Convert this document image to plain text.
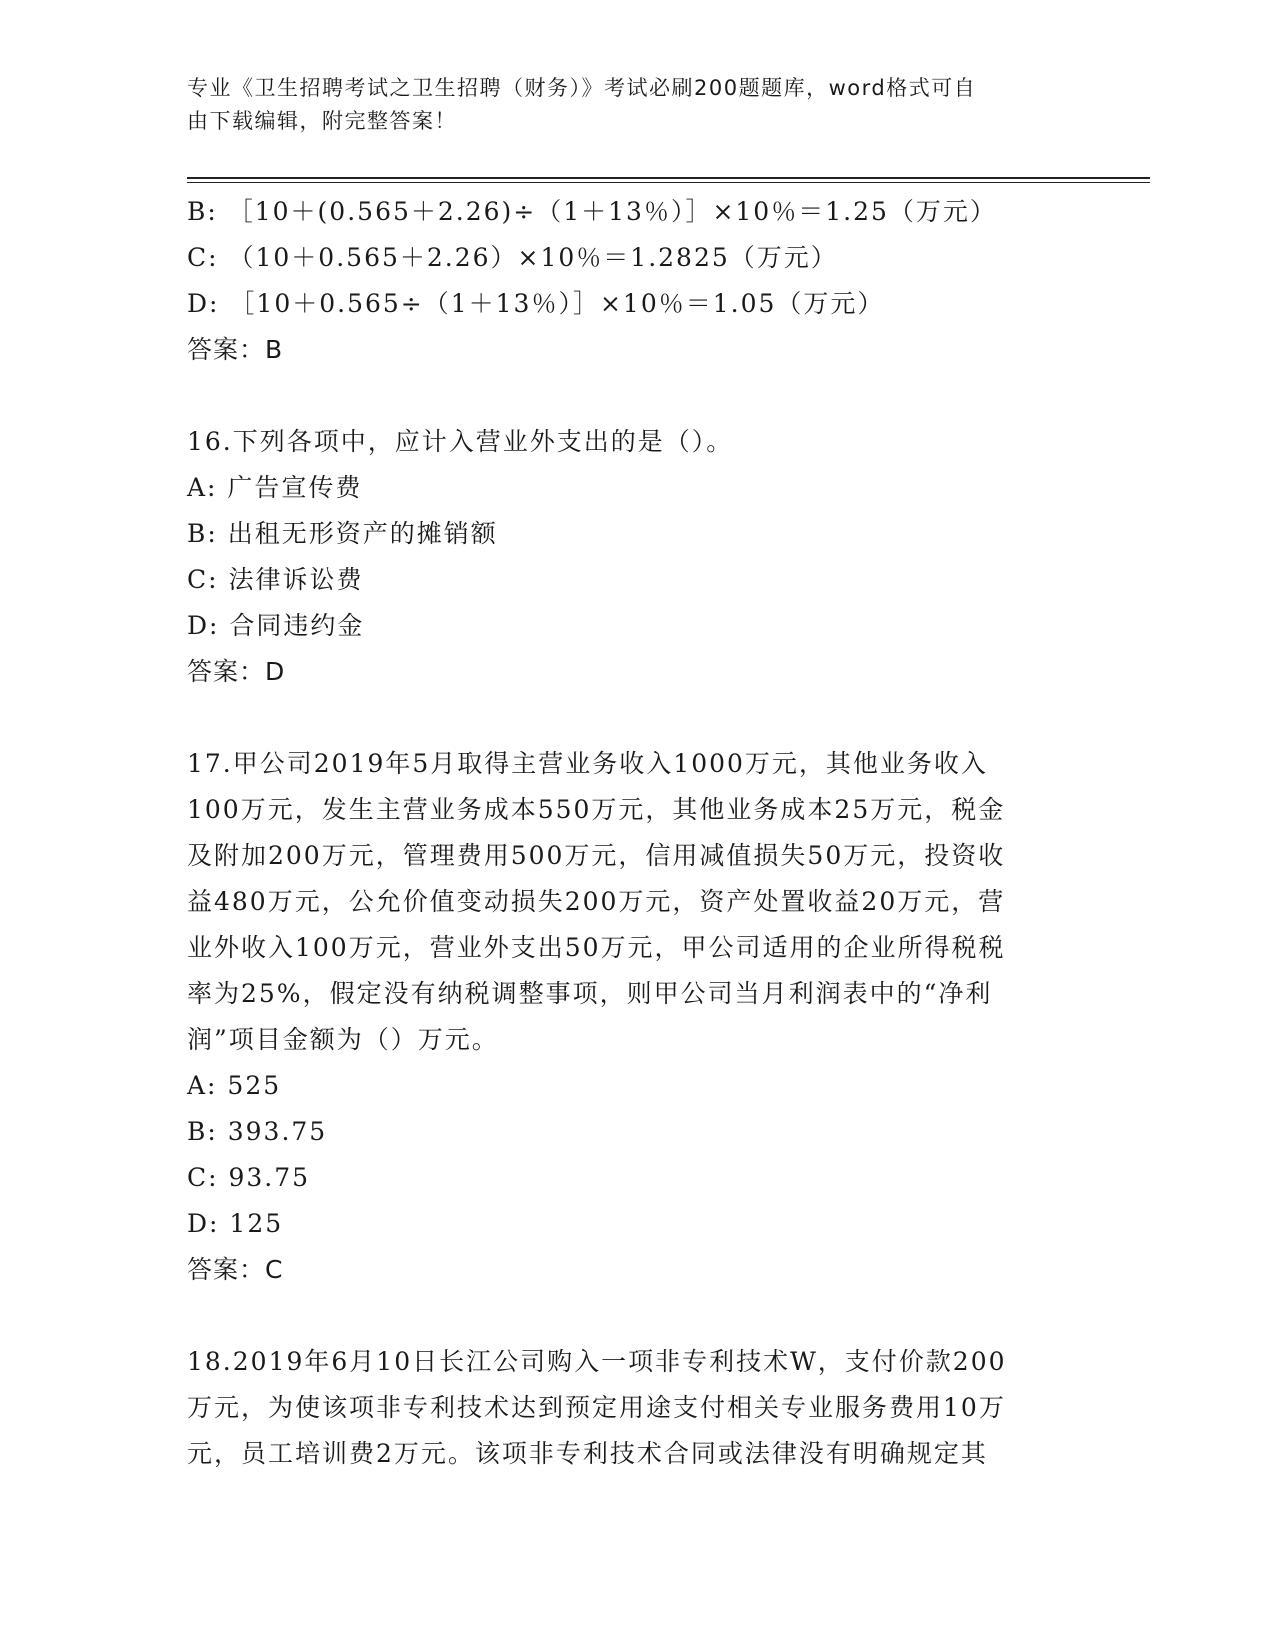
专业《卫生招聘考试之卫生招聘（财务）》考试必刷200题题库，word格式可自
由下载编辑，附完整答案！
B: ［10＋(0.565＋2.26)÷（1＋13％）］×10％＝1.25（万元）
C: （10＋0.565＋2.26）×10％＝1.2825（万元）
D: ［10＋0.565÷（1＋13％）］×10％＝1.05（万元）
答案：B
16.下列各项中，应计入营业外支出的是（）。
A: 广告宣传费
B: 出租无形资产的摊销额
C: 法律诉讼费
D: 合同违约金
答案：D
17.甲公司2019年5月取得主营业务收入1000万元，其他业务收入
100万元，发生主营业务成本550万元，其他业务成本25万元，税金
及附加200万元，管理费用500万元，信用减值损失50万元，投资收
益480万元，公允价值变动损失200万元，资产处置收益20万元，营
业外收入100万元，营业外支出50万元，甲公司适用的企业所得税税
率为25%，假定没有纳税调整事项，则甲公司当月利润表中的“净利
润”项目金额为（）万元。
A: 525
B: 393.75
C: 93.75
D: 125
答案：C
18.2019年6月10日长江公司购入一项非专利技术W，支付价款200
万元，为使该项非专利技术达到预定用途支付相关专业服务费用10万
元，员工培训费2万元。该项非专利技术合同或法律没有明确规定其
